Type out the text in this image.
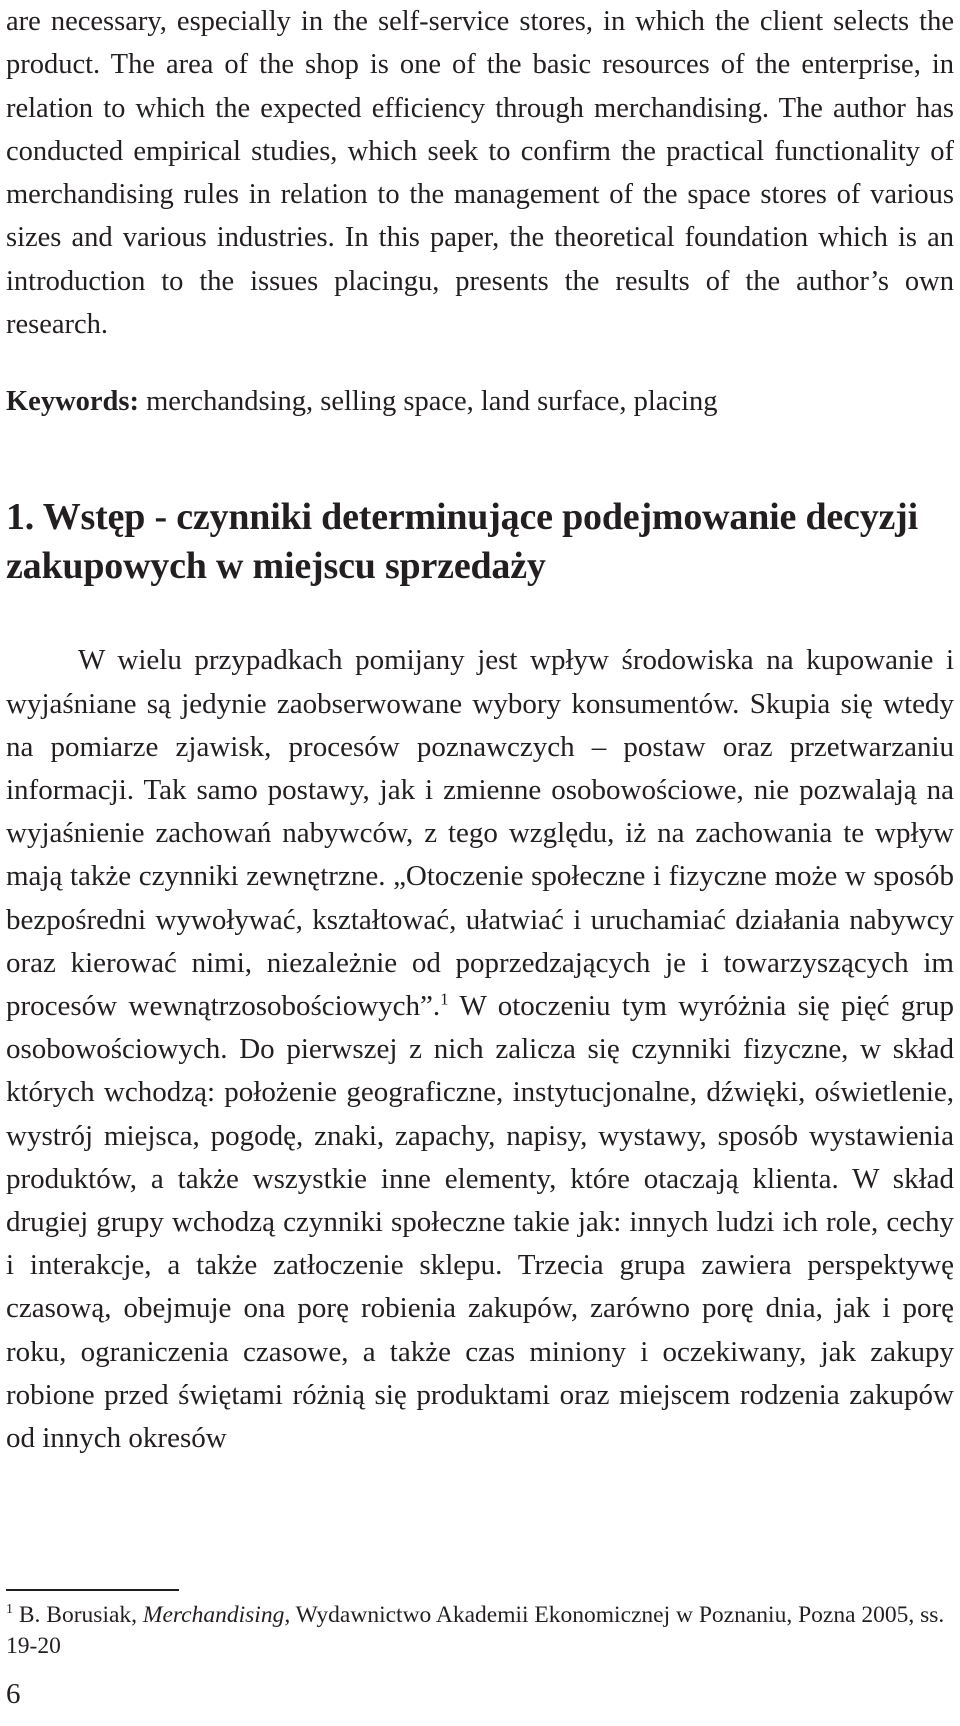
are necessary, especially in the self-service stores, in which the client selects the product. The area of the shop is one of the basic resources of the enterprise, in relation to which the expected efficiency through merchandising. The author has conducted empirical studies, which seek to confirm the practical functionality of merchandising rules in relation to the management of the space stores of various sizes and various industries. In this paper, the theoretical foundation which is an introduction to the issues placingu, presents the results of the author’s own research.

Keywords: merchandsing, selling space, land surface, placing

1. Wstęp - czynniki determinujące podejmowanie decyzji zakupowych w miejscu sprzedaży

W wielu przypadkach pomijany jest wpływ środowiska na kupowanie i wyjaśniane są jedynie zaobserwowane wybory konsumentów. Skupia się wtedy na pomiarze zjawisk, procesów poznawczych – postaw oraz przetwarzaniu informacji. Tak samo postawy, jak i zmienne osobowościowe, nie pozwalają na wyjaśnienie zachowań nabywców, z tego względu, iż na zachowania te wpływ mają także czynniki zewnętrzne. „Otoczenie społeczne i fizyczne może w sposób bezpośredni wywoływać, kształtować, ułatwiać i uruchamiać działania nabywcy oraz kierować nimi, niezależnie od poprzedzających je i towarzyszących im procesów wewnątrzosobościowych”.$^1$ W otoczeniu tym wyróżnia się pięć grup osobowościowych. Do pierwszej z nich zalicza się czynniki fizyczne, w skład których wchodzą: położenie geograficzne, instytucjonalne, dźwięki, oświetlenie, wystrój miejsca, pogodę, znaki, zapachy, napisy, wystawy, sposób wystawienia produktów, a także wszystkie inne elementy, które otaczają klienta. W skład drugiej grupy wchodzą czynniki społeczne takie jak: innych ludzi ich role, cechy i interakcje, a także zatłoczenie sklepu. Trzecia grupa zawiera perspektywę czasową, obejmuje ona porę robienia zakupów, zarówno porę dnia, jak i porę roku, ograniczenia czasowe, a także czas miniony i oczekiwany, jak zakupy robione przed świętami różnią się produktami oraz miejscem rodzenia zakupów od innych okresów

$^1$ B. Borusiak, Merchandising, Wydawnictwo Akademii Ekonomicznej w Poznaniu, Pozna 2005, ss. 19-20

6
